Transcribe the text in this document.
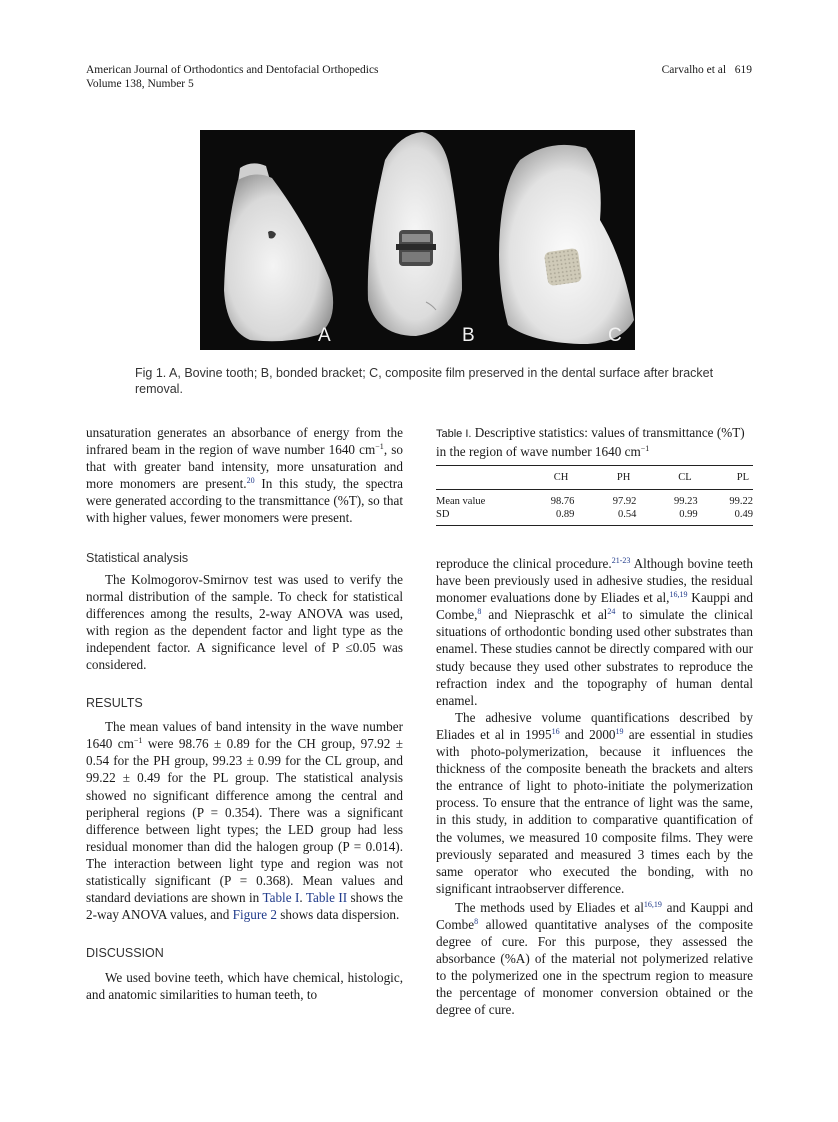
American Journal of Orthodontics and Dentofacial Orthopedics
Volume 138, Number 5
Carvalho et al   619
A	B	C
Fig 1. A, Bovine tooth; B, bonded bracket; C, composite film preserved in the dental surface after bracket removal.

unsaturation generates an absorbance of energy from the infrared beam in the region of wave number 1640 $cm^{-1}$, so that with greater band intensity, more unsaturation and more monomers are present.$^{20}$ In this study, the spectra were generated according to the transmittance (%T), so that with higher values, fewer monomers were present.

Statistical analysis

The Kolmogorov-Smirnov test was used to verify the normal distribution of the sample. To check for statistical differences among the results, 2-way ANOVA was used, with region as the dependent factor and light type as the independent factor. A significance level of P ≤0.05 was considered.

RESULTS

The mean values of band intensity in the wave number 1640 $cm^{-1}$ were 98.76 ± 0.89 for the CH group, 97.92 ± 0.54 for the PH group, 99.23 ± 0.99 for the CL group, and 99.22 ± 0.49 for the PL group. The statistical analysis showed no significant difference among the central and peripheral regions (P = 0.354). There was a significant difference between light types; the LED group had less residual monomer than did the halogen group (P = 0.014). The interaction between light type and region was not statistically significant (P = 0.368). Mean values and standard deviations are shown in Table I. Table II shows the 2-way ANOVA values, and Figure 2 shows data dispersion.

DISCUSSION

We used bovine teeth, which have chemical, histologic, and anatomic similarities to human teeth, to

Table I. Descriptive statistics: values of transmittance (%T) in the region of wave number 1640 $cm^{-1}$
	CH	PH	CL	PL
Mean value	98.76	97.92	99.23	99.22
SD	0.89	0.54	0.99	0.49

reproduce the clinical procedure.$^{21-23}$ Although bovine teeth have been previously used in adhesive studies, the residual monomer evaluations done by Eliades et al,$^{16,19}$ Kauppi and Combe,$^8$ and Niepraschk et al$^{24}$ to simulate the clinical situations of orthodontic bonding used other substrates than enamel. These studies cannot be directly compared with our study because they used other substrates to reproduce the refraction index and the topography of human dental enamel.

The adhesive volume quantifications described by Eliades et al in 1995$^{16}$ and 2000$^{19}$ are essential in studies with photo-polymerization, because it influences the thickness of the composite beneath the brackets and alters the entrance of light to photo-initiate the polymerization process. To ensure that the entrance of light was the same, in this study, in addition to comparative quantification of the volumes, we measured 10 composite films. They were previously separated and measured 3 times each by the same operator who executed the bonding, with no significant intraobserver difference.

The methods used by Eliades et al$^{16,19}$ and Kauppi and Combe$^8$ allowed quantitative analyses of the composite degree of cure. For this purpose, they assessed the absorbance (%A) of the material not polymerized relative to the polymerized one in the spectrum region to measure the percentage of monomer conversion obtained or the degree of cure.
